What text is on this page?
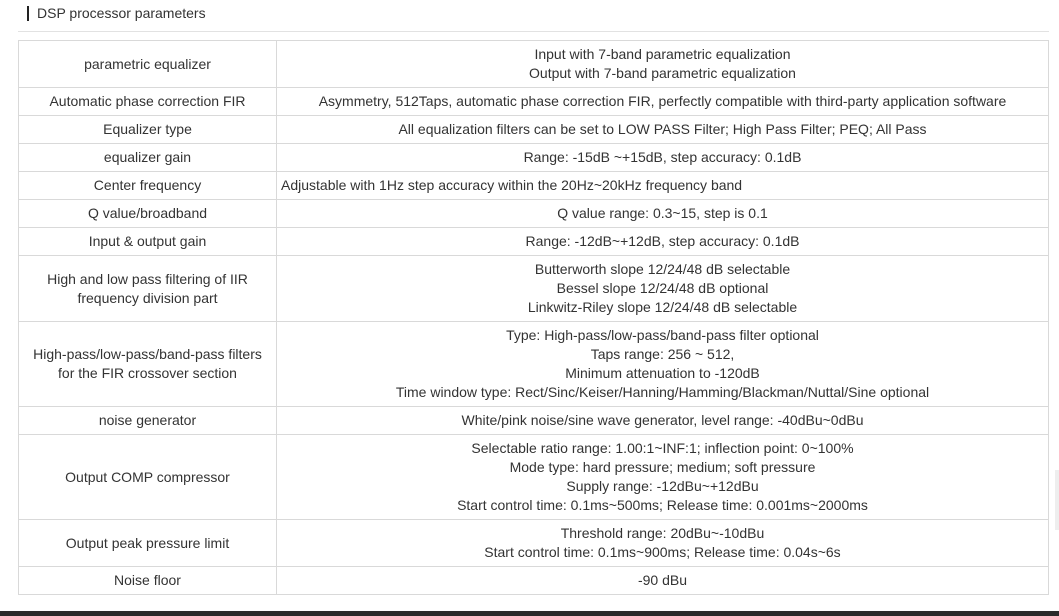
DSP processor parameters
parametric equalizer	Input with 7-band parametric equalization
Output with 7-band parametric equalization

Automatic phase correction FIR	Asymmetry, 512Taps, automatic phase correction FIR, perfectly compatible with third-party application software

Equalizer type	All equalization filters can be set to LOW PASS Filter; High Pass Filter; PEQ; All Pass

equalizer gain	Range: -15dB ~+15dB, step accuracy: 0.1dB

Center frequency	Adjustable with 1Hz step accuracy within the 20Hz~20kHz frequency band

Q value/broadband	Q value range: 0.3~15, step is 0.1

Input & output gain	Range: -12dB~+12dB, step accuracy: 0.1dB

High and low pass filtering of IIR frequency division part	Butterworth slope 12/24/48 dB selectable
Bessel slope 12/24/48 dB optional
Linkwitz-Riley slope 12/24/48 dB selectable

High-pass/low-pass/band-pass filters for the FIR crossover section	Type: High-pass/low-pass/band-pass filter optional
Taps range: 256 ~ 512,
Minimum attenuation to -120dB
Time window type: Rect/Sinc/Keiser/Hanning/Hamming/Blackman/Nuttal/Sine optional

noise generator	White/pink noise/sine wave generator, level range: -40dBu~0dBu

Output COMP compressor	Selectable ratio range: 1.00:1~INF:1; inflection point: 0~100%
Mode type: hard pressure; medium; soft pressure
Supply range: -12dBu~+12dBu
Start control time: 0.1ms~500ms; Release time: 0.001ms~2000ms

Output peak pressure limit	Threshold range: 20dBu~-10dBu
Start control time: 0.1ms~900ms; Release time: 0.04s~6s

Noise floor	-90 dBu
